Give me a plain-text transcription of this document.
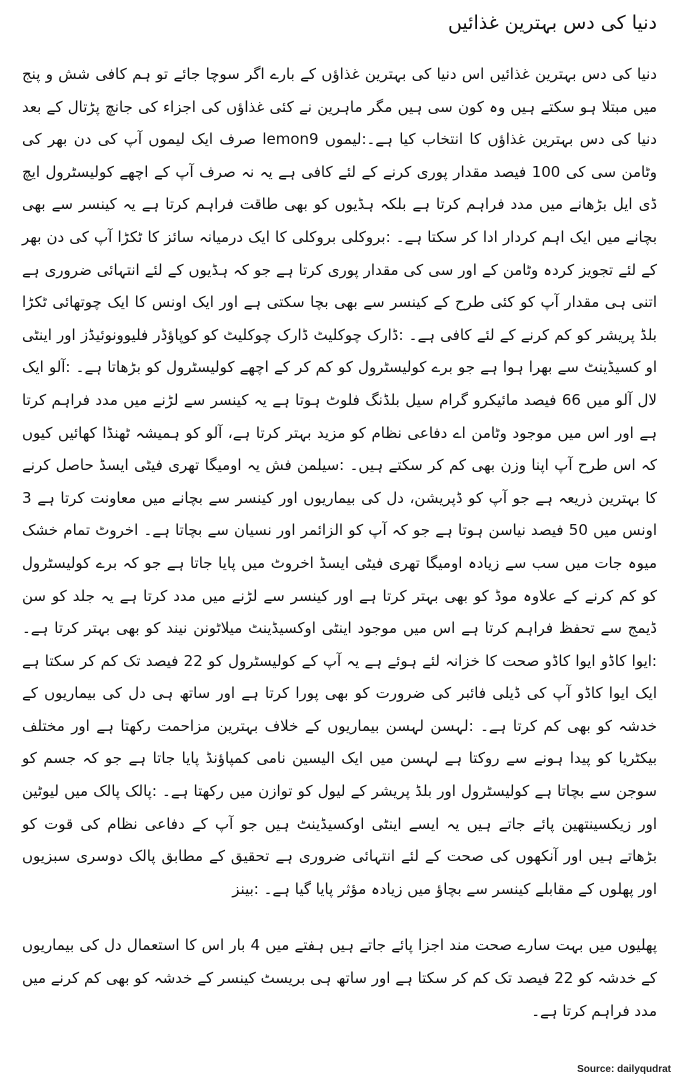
دنیا کی دس بہترین غذائیں

دنیا کی دس بہترین غذائیں اس دنیا کی بہترین غذاؤں کے بارے اگر سوچا جائے تو ہم کافی شش و پنج میں مبتلا ہو سکتے ہیں وہ کون سی ہیں مگر ماہرین نے کئی غذاؤں کی اجزاء کی جانچ پڑتال کے بعد دنیا کی دس بہترین غذاؤں کا انتخاب کیا ہے۔:لیموں lemon9 صرف ایک لیموں آپ کی دن بھر کی وٹامن سی کی 100 فیصد مقدار پوری کرنے کے لئے کافی ہے یہ نہ صرف آپ کے اچھے کولیسٹرول ایچ ڈی ایل بڑھانے میں مدد فراہم کرتا ہے بلکہ ہڈیوں کو بھی طاقت فراہم کرتا ہے یہ کینسر سے بھی بچانے میں ایک اہم کردار ادا کر سکتا ہے۔ :بروکلی بروکلی کا ایک درمیانہ سائز کا ٹکڑا آپ کی دن بھر کے لئے تجویز کردہ وٹامن کے اور سی کی مقدار پوری کرتا ہے جو کہ ہڈیوں کے لئے انتہائی ضروری ہے اتنی ہی مقدار آپ کو کئی طرح کے کینسر سے بھی بچا سکتی ہے اور ایک اونس کا ایک چوتھائی ٹکڑا بلڈ پریشر کو کم کرنے کے لئے کافی ہے۔ :ڈارک چوکلیٹ ڈارک چوکلیٹ کو کوپاؤڈر فلیوونوئیڈز اور اینٹی او کسیڈینٹ سے بھرا ہوا ہے جو برے کولیسٹرول کو کم کر کے اچھے کولیسٹرول کو بڑھاتا ہے۔ :آلو ایک لال آلو میں 66 فیصد مائیکرو گرام سیل بلڈنگ فلوٹ ہوتا ہے یہ کینسر سے لڑنے میں مدد فراہم کرتا ہے اور اس میں موجود وٹامن اے دفاعی نظام کو مزید بہتر کرتا ہے، آلو کو ہمیشہ ٹھنڈا کھائیں کیوں کہ اس طرح آپ اپنا وزن بھی کم کر سکتے ہیں۔ :سیلمن فش یہ اومیگا تھری فیٹی ایسڈ حاصل کرنے کا بہترین ذریعہ ہے جو آپ کو ڈپریشن، دل کی بیماریوں اور کینسر سے بچانے میں معاونت کرتا ہے 3 اونس میں 50 فیصد نیاسن ہوتا ہے جو کہ آپ کو الزائمر اور نسیان سے بچاتا ہے۔ اخروٹ تمام خشک میوہ جات میں سب سے زیادہ اومیگا تھری فیٹی ایسڈ اخروٹ میں پایا جاتا ہے جو کہ برے کولیسٹرول کو کم کرنے کے علاوہ موڈ کو بھی بہتر کرتا ہے اور کینسر سے لڑنے میں مدد کرتا ہے یہ جلد کو سن ڈیمج سے تحفظ فراہم کرتا ہے اس میں موجود اینٹی اوکسیڈینٹ میلاٹونن نیند کو بھی بہتر کرتا ہے۔ :ایوا کاڈو ایوا کاڈو صحت کا خزانہ لئے ہوئے ہے یہ آپ کے کولیسٹرول کو 22 فیصد تک کم کر سکتا ہے ایک ایوا کاڈو آپ کی ڈیلی فائبر کی ضرورت کو بھی پورا کرتا ہے اور ساتھ ہی دل کی بیماریوں کے خدشہ کو بھی کم کرتا ہے۔ :لہسن لہسن بیماریوں کے خلاف بہترین مزاحمت رکھتا ہے اور مختلف بیکٹریا کو پیدا ہونے سے روکتا ہے لہسن میں ایک الیسین نامی کمپاؤنڈ پایا جاتا ہے جو کہ جسم کو سوجن سے بچاتا ہے کولیسٹرول اور بلڈ پریشر کے لیول کو توازن میں رکھتا ہے۔ :پالک پالک میں لیوٹین اور زیکسینتھین پائے جاتے ہیں یہ ایسے اینٹی اوکسیڈینٹ ہیں جو آپ کے دفاعی نظام کی قوت کو بڑھاتے ہیں اور آنکھوں کی صحت کے لئے انتہائی ضروری ہے تحقیق کے مطابق پالک دوسری سبزیوں اور پھلوں کے مقابلے کینسر سے بچاؤ میں زیادہ مؤثر پایا گیا ہے۔ :بینز

پھلیوں میں بہت سارے صحت مند اجزا پائے جاتے ہیں ہفتے میں 4 بار اس کا استعمال دل کی بیماریوں کے خدشہ کو 22 فیصد تک کم کر سکتا ہے اور ساتھ ہی بریسٹ کینسر کے خدشہ کو بھی کم کرنے میں مدد فراہم کرتا ہے۔

Source: dailyqudrat
